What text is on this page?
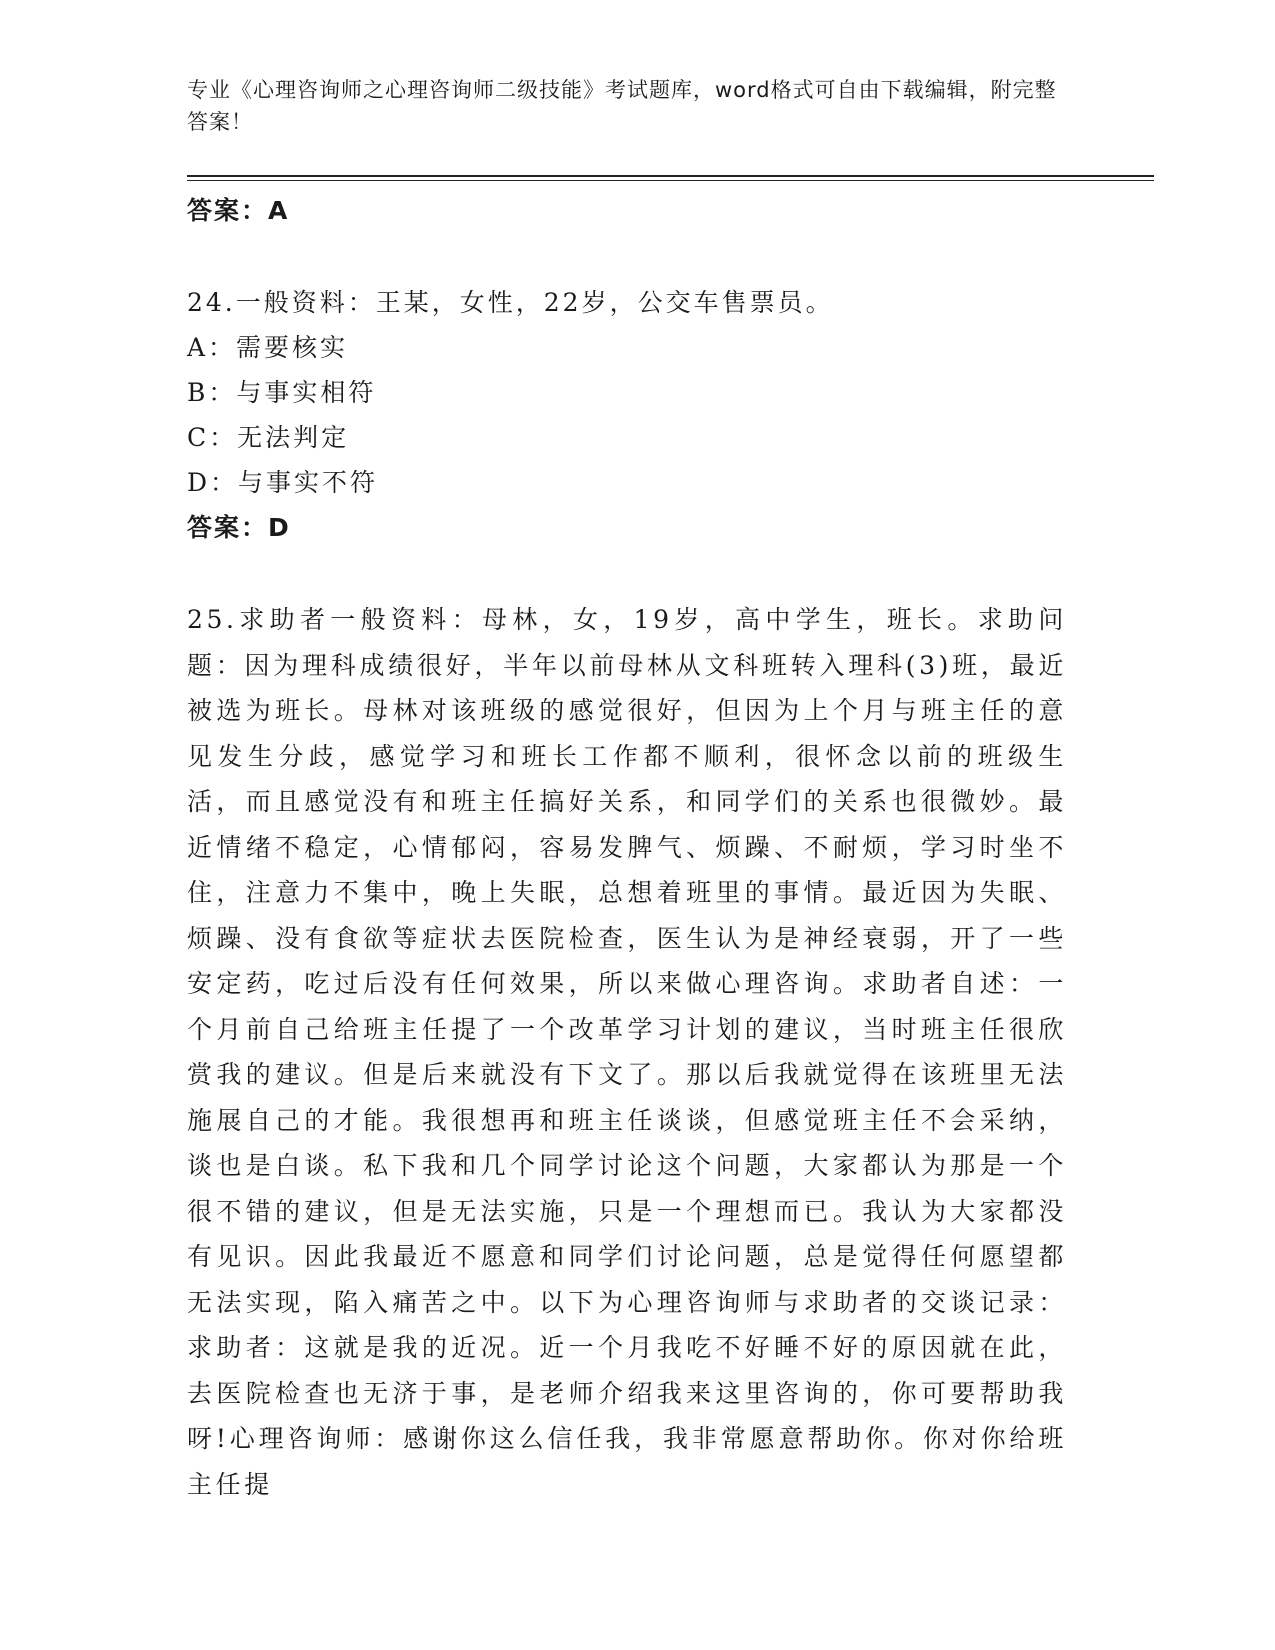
专业《心理咨询师之心理咨询师二级技能》考试题库，word格式可自由下载编辑，附完整答案！
答案：A
24.一般资料：王某，女性，22岁，公交车售票员。
A：需要核实
B：与事实相符
C：无法判定
D：与事实不符
答案：D
25.求助者一般资料：母林，女，19岁，高中学生，班长。求助问题：因为理科成绩很好，半年以前母林从文科班转入理科(3)班，最近被选为班长。母林对该班级的感觉很好，但因为上个月与班主任的意见发生分歧，感觉学习和班长工作都不顺利，很怀念以前的班级生活，而且感觉没有和班主任搞好关系，和同学们的关系也很微妙。最近情绪不稳定，心情郁闷，容易发脾气、烦躁、不耐烦，学习时坐不住，注意力不集中，晚上失眠，总想着班里的事情。最近因为失眠、烦躁、没有食欲等症状去医院检查，医生认为是神经衰弱，开了一些安定药，吃过后没有任何效果，所以来做心理咨询。求助者自述：一个月前自己给班主任提了一个改革学习计划的建议，当时班主任很欣赏我的建议。但是后来就没有下文了。那以后我就觉得在该班里无法施展自己的才能。我很想再和班主任谈谈，但感觉班主任不会采纳，谈也是白谈。私下我和几个同学讨论这个问题，大家都认为那是一个很不错的建议，但是无法实施，只是一个理想而已。我认为大家都没有见识。因此我最近不愿意和同学们讨论问题，总是觉得任何愿望都无法实现，陷入痛苦之中。以下为心理咨询师与求助者的交谈记录：求助者：这就是我的近况。近一个月我吃不好睡不好的原因就在此，去医院检查也无济于事，是老师介绍我来这里咨询的，你可要帮助我呀!心理咨询师：感谢你这么信任我，我非常愿意帮助你。你对你给班主任提
